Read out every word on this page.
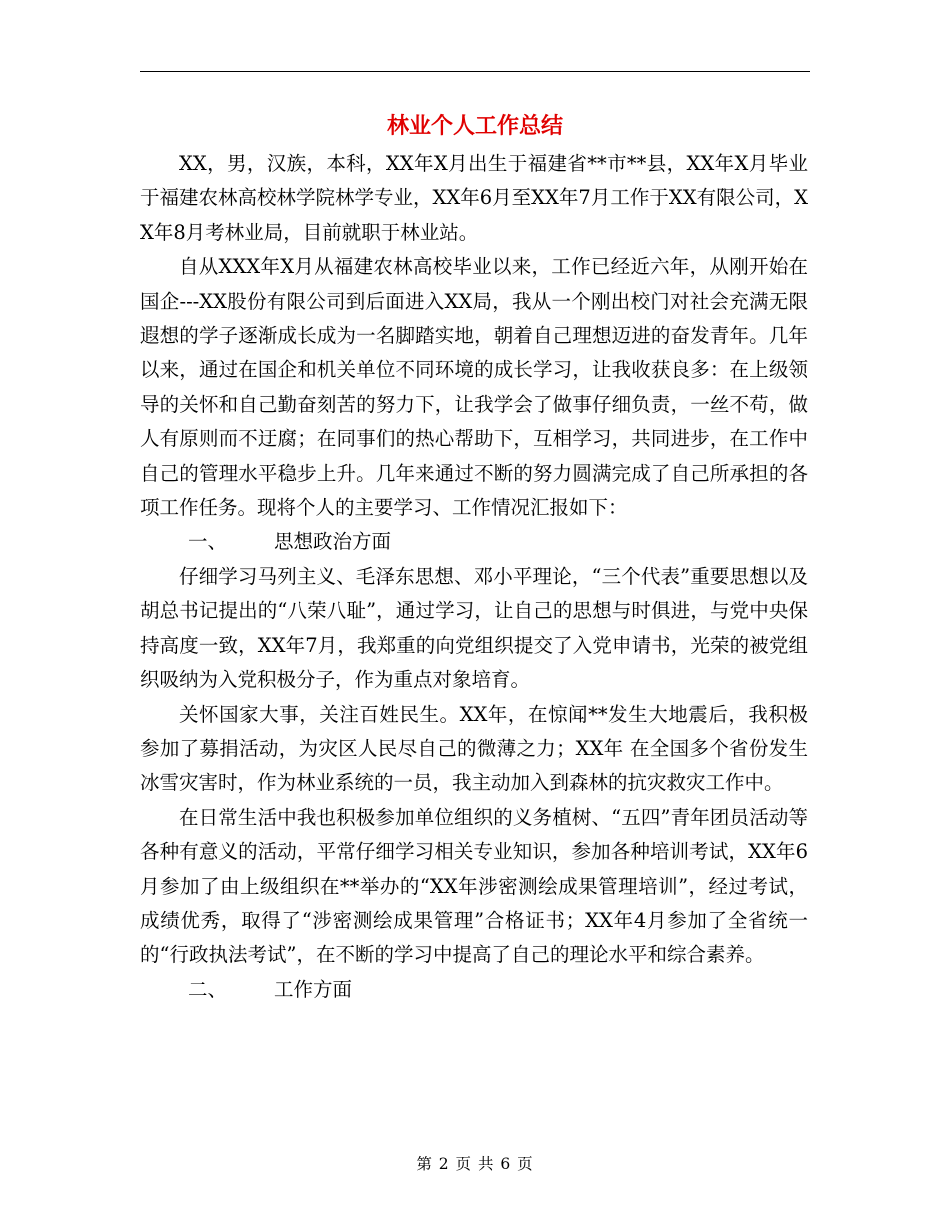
林业个人工作总结

XX，男，汉族，本科，XX年X月出生于福建省**市**县，XX年X月毕业于福建农林高校林学院林学专业，XX年6月至XX年7月工作于XX有限公司，XX年8月考林业局，目前就职于林业站。

自从XXX年X月从福建农林高校毕业以来，工作已经近六年，从刚开始在国企---XX股份有限公司到后面进入XX局，我从一个刚出校门对社会充满无限遐想的学子逐渐成长成为一名脚踏实地，朝着自己理想迈进的奋发青年。几年以来，通过在国企和机关单位不同环境的成长学习，让我收获良多：在上级领导的关怀和自己勤奋刻苦的努力下，让我学会了做事仔细负责，一丝不苟，做人有原则而不迂腐；在同事们的热心帮助下，互相学习，共同进步，在工作中自己的管理水平稳步上升。几年来通过不断的努力圆满完成了自己所承担的各项工作任务。现将个人的主要学习、工作情况汇报如下：

一、 思想政治方面

仔细学习马列主义、毛泽东思想、邓小平理论，“三个代表”重要思想以及胡总书记提出的“八荣八耻”，通过学习，让自己的思想与时俱进，与党中央保持高度一致，XX年7月，我郑重的向党组织提交了入党申请书，光荣的被党组织吸纳为入党积极分子，作为重点对象培育。

关怀国家大事，关注百姓民生。XX年，在惊闻**发生大地震后，我积极参加了募捐活动，为灾区人民尽自己的微薄之力；XX年 在全国多个省份发生冰雪灾害时，作为林业系统的一员，我主动加入到森林的抗灾救灾工作中。

在日常生活中我也积极参加单位组织的义务植树、“五四”青年团员活动等各种有意义的活动，平常仔细学习相关专业知识，参加各种培训考试，XX年6月参加了由上级组织在**举办的“XX年涉密测绘成果管理培训”，经过考试，成绩优秀，取得了“涉密测绘成果管理”合格证书；XX年4月参加了全省统一的“行政执法考试”，在不断的学习中提高了自己的理论水平和综合素养。

二、 工作方面

第 2 页 共 6 页
